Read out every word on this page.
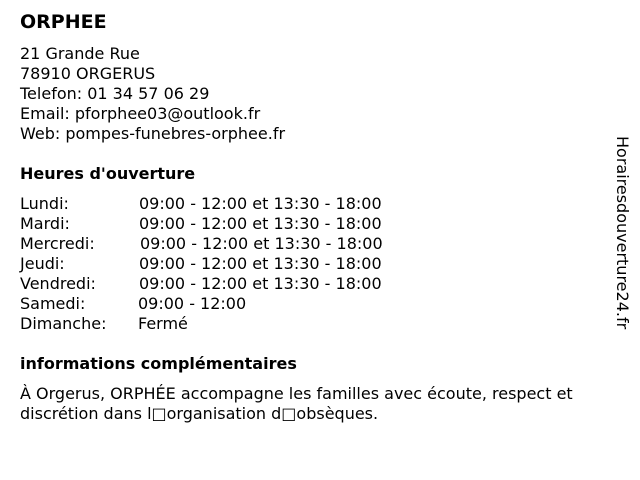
ORPHEE
21 Grande Rue
78910 ORGERUS
Telefon: 01 34 57 06 29
Email: pforphee03@outlook.fr
Web: pompes-funebres-orphee.fr
Heures d'ouverture
Lundi:	09:00 - 12:00 et 13:30 - 18:00
Mardi:	09:00 - 12:00 et 13:30 - 18:00
Mercredi:	09:00 - 12:00 et 13:30 - 18:00
Jeudi:	09:00 - 12:00 et 13:30 - 18:00
Vendredi:	09:00 - 12:00 et 13:30 - 18:00
Samedi:	09:00 - 12:00
Dimanche: Fermé
informations complémentaires

À Orgerus, ORPHÉE accompagne les familles avec écoute, respect et discrétion dans l□organisation d□obsèques.

Horairesdouverture24.fr
